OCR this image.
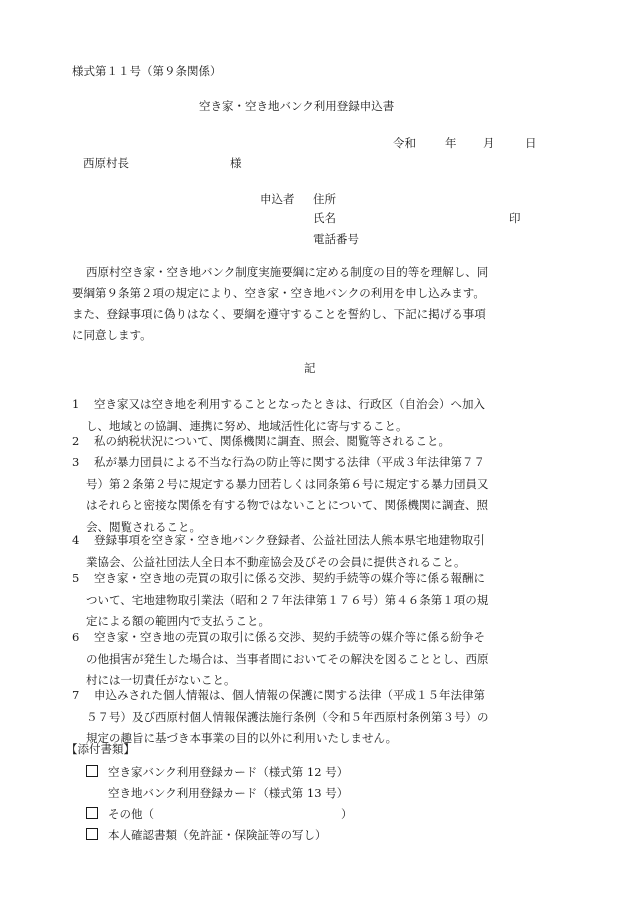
様式第１１号（第９条関係）
空き家・空き地バンク利用登録申込書
令和	年 月	日
西原村長	様
申込者 住所
氏名	印
電話番号
西原村空き家・空き地バンク制度実施要綱に定める制度の目的等を理解し、同
要綱第９条第２項の規定により、空き家・空き地バンクの利用を申し込みます。
また、登録事項に偽りはなく、要綱を遵守することを誓約し、下記に掲げる事項
に同意します。
記
1	空き家又は空き地を利用することとなったときは、行政区（自治会）へ加入
し、地域との協調、連携に努め、地域活性化に寄与すること。
2	私の納税状況について、関係機関に調査、照会、閲覧等されること。
3	私が暴力団員による不当な行為の防止等に関する法律（平成３年法律第７７
号）第２条第２号に規定する暴力団若しくは同条第６号に規定する暴力団員又
はそれらと密接な関係を有する物ではないことについて、関係機関に調査、照
会、閲覧されること。
4	登録事項を空き家・空き地バンク登録者、公益社団法人熊本県宅地建物取引
業協会、公益社団法人全日本不動産協会及びその会員に提供されること。
5	空き家・空き地の売買の取引に係る交渉、契約手続等の媒介等に係る報酬に
ついて、宅地建物取引業法（昭和２７年法律第１７６号）第４６条第１項の規
定による額の範囲内で支払うこと。
6	空き家・空き地の売買の取引に係る交渉、契約手続等の媒介等に係る紛争そ
の他損害が発生した場合は、当事者間においてその解決を図ることとし、西原
村には一切責任がないこと。
7	申込みされた個人情報は、個人情報の保護に関する法律（平成１５年法律第
５７号）及び西原村個人情報保護法施行条例（令和５年西原村条例第３号）の
規定の趣旨に基づき本事業の目的以外に利用いたしません。
【添付書類】
空き家バンク利用登録カード（様式第 12 号）
空き地バンク利用登録カード（様式第 13 号）
その他（	）
本人確認書類（免許証・保険証等の写し）
